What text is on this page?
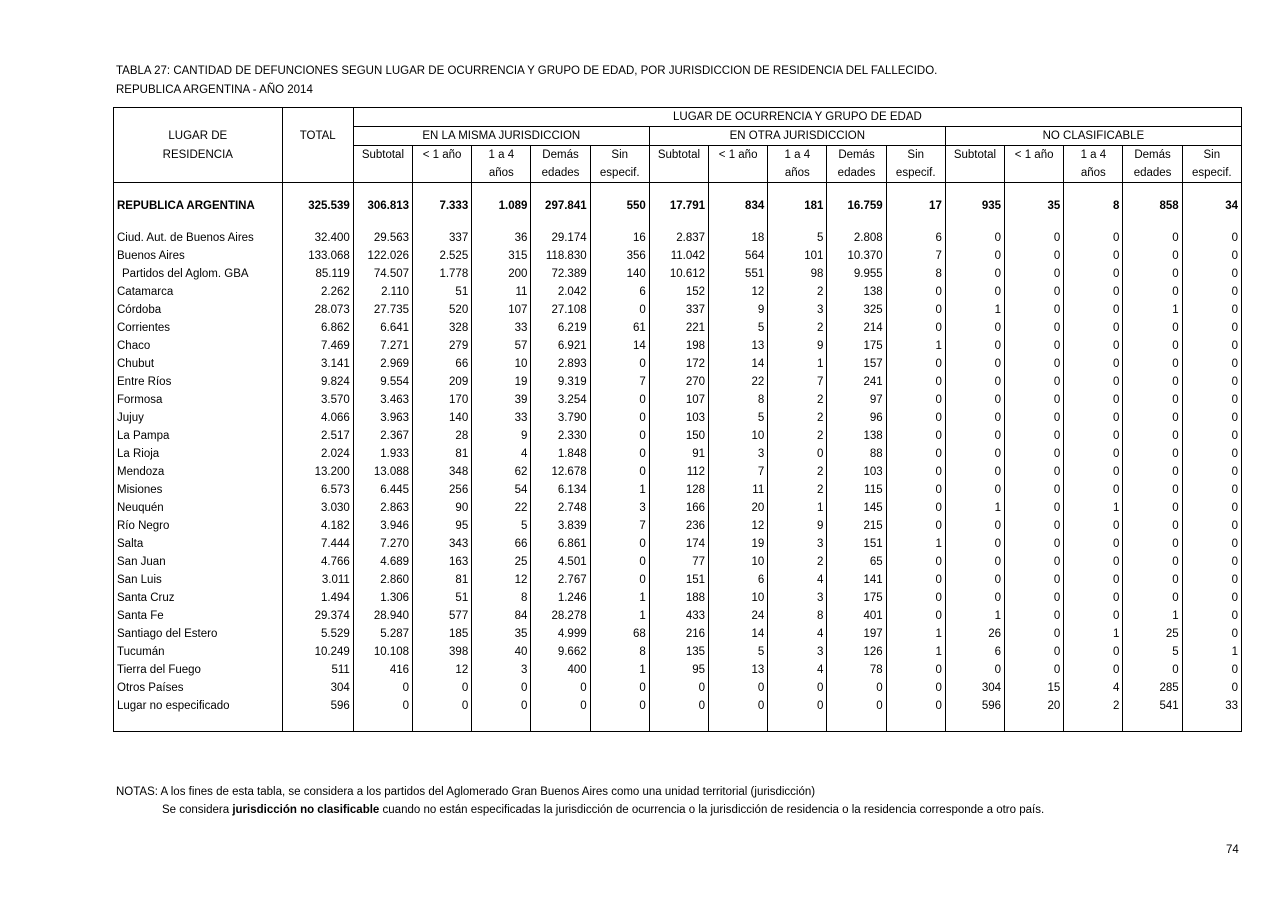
TABLA 27: CANTIDAD DE DEFUNCIONES SEGUN LUGAR DE OCURRENCIA Y GRUPO DE EDAD, POR JURISDICCION DE RESIDENCIA DEL FALLECIDO.
REPUBLICA ARGENTINA - AÑO 2014
		LUGAR DE OCURRENCIA Y GRUPO DE EDAD														
LUGAR DE	TOTAL	EN LA MISMA JURISDICCION					EN OTRA JURISDICCION					NO CLASIFICABLE				
RESIDENCIA		Subtotal	< 1 año	1 a 4	Demás	Sin	Subtotal	< 1 año	1 a 4	Demás	Sin	Subtotal	< 1 año	1 a 4	Demás	Sin
				años	edades	especif.			años	edades	especif.			años	edades	especif.

REPUBLICA ARGENTINA	325.539	306.813	7.333	1.089	297.841	550	17.791	834	181	16.759	17	935	35	8	858	34

Ciud. Aut. de Buenos Aires	32.400	29.563	337	36	29.174	16	2.837	18	5	2.808	6	0	0	0	0	0
Buenos Aires	133.068	122.026	2.525	315	118.830	356	11.042	564	101	10.370	7	0	0	0	0	0
Partidos del Aglom. GBA	85.119	74.507	1.778	200	72.389	140	10.612	551	98	9.955	8	0	0	0	0	0
Catamarca	2.262	2.110	51	11	2.042	6	152	12	2	138	0	0	0	0	0	0
Córdoba	28.073	27.735	520	107	27.108	0	337	9	3	325	0	1	0	0	1	0
Corrientes	6.862	6.641	328	33	6.219	61	221	5	2	214	0	0	0	0	0	0
Chaco	7.469	7.271	279	57	6.921	14	198	13	9	175	1	0	0	0	0	0
Chubut	3.141	2.969	66	10	2.893	0	172	14	1	157	0	0	0	0	0	0
Entre Ríos	9.824	9.554	209	19	9.319	7	270	22	7	241	0	0	0	0	0	0
Formosa	3.570	3.463	170	39	3.254	0	107	8	2	97	0	0	0	0	0	0
Jujuy	4.066	3.963	140	33	3.790	0	103	5	2	96	0	0	0	0	0	0
La Pampa	2.517	2.367	28	9	2.330	0	150	10	2	138	0	0	0	0	0	0
La Rioja	2.024	1.933	81	4	1.848	0	91	3	0	88	0	0	0	0	0	0
Mendoza	13.200	13.088	348	62	12.678	0	112	7	2	103	0	0	0	0	0	0
Misiones	6.573	6.445	256	54	6.134	1	128	11	2	115	0	0	0	0	0	0
Neuquén	3.030	2.863	90	22	2.748	3	166	20	1	145	0	1	0	1	0	0
Río Negro	4.182	3.946	95	5	3.839	7	236	12	9	215	0	0	0	0	0	0
Salta	7.444	7.270	343	66	6.861	0	174	19	3	151	1	0	0	0	0	0
San Juan	4.766	4.689	163	25	4.501	0	77	10	2	65	0	0	0	0	0	0
San Luis	3.011	2.860	81	12	2.767	0	151	6	4	141	0	0	0	0	0	0
Santa Cruz	1.494	1.306	51	8	1.246	1	188	10	3	175	0	0	0	0	0	0
Santa Fe	29.374	28.940	577	84	28.278	1	433	24	8	401	0	1	0	0	1	0
Santiago del Estero	5.529	5.287	185	35	4.999	68	216	14	4	197	1	26	0	1	25	0
Tucumán	10.249	10.108	398	40	9.662	8	135	5	3	126	1	6	0	0	5	1
Tierra del Fuego	511	416	12	3	400	1	95	13	4	78	0	0	0	0	0	0
Otros Países	304	0	0	0	0	0	0	0	0	0	0	304	15	4	285	0
Lugar no especificado	596	0	0	0	0	0	0	0	0	0	0	596	20	2	541	33

NOTAS: A los fines de esta tabla, se considera a los partidos del Aglomerado Gran Buenos Aires como una unidad territorial (jurisdicción)
Se considera jurisdicción no clasificable cuando no están especificadas la jurisdicción de ocurrencia o la jurisdicción de residencia o la residencia corresponde a otro país.
74
